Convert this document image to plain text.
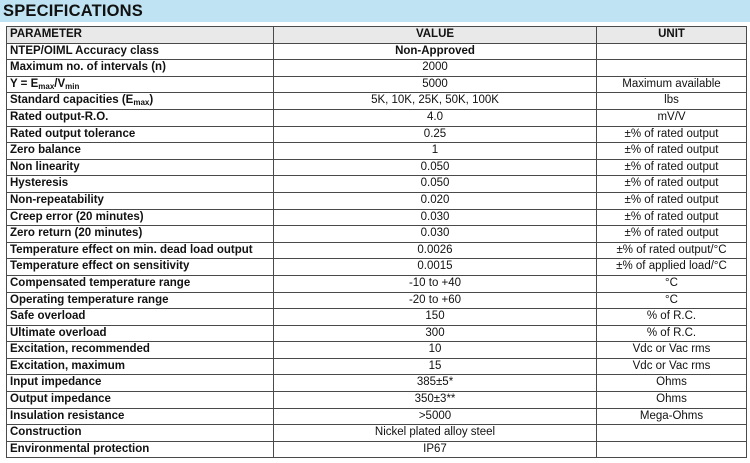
SPECIFICATIONS
PARAMETER	VALUE	UNIT
NTEP/OIML Accuracy class	Non-Approved	
Maximum no. of intervals (n)	2000	
$Y = E_{max}/V_{min}$	5000	Maximum available
Standard capacities $(E_{max})$	5K, 10K, 25K, 50K, 100K	lbs
Rated output-R.O.	4.0	mV/V
Rated output tolerance	0.25	±% of rated output
Zero balance	1	±% of rated output
Non linearity	0.050	±% of rated output
Hysteresis	0.050	±% of rated output
Non-repeatability	0.020	±% of rated output
Creep error (20 minutes)	0.030	±% of rated output
Zero return (20 minutes)	0.030	±% of rated output
Temperature effect on min. dead load output	0.0026	±% of rated output/°C
Temperature effect on sensitivity	0.0015	±% of applied load/°C
Compensated temperature range	-10 to +40	°C
Operating temperature range	-20 to +60	°C
Safe overload	150	% of R.C.
Ultimate overload	300	% of R.C.
Excitation, recommended	10	Vdc or Vac rms
Excitation, maximum	15	Vdc or Vac rms
Input impedance	385±5*	Ohms
Output impedance	350±3**	Ohms
Insulation resistance	>5000	Mega-Ohms
Construction	Nickel plated alloy steel	
Environmental protection	IP67	
